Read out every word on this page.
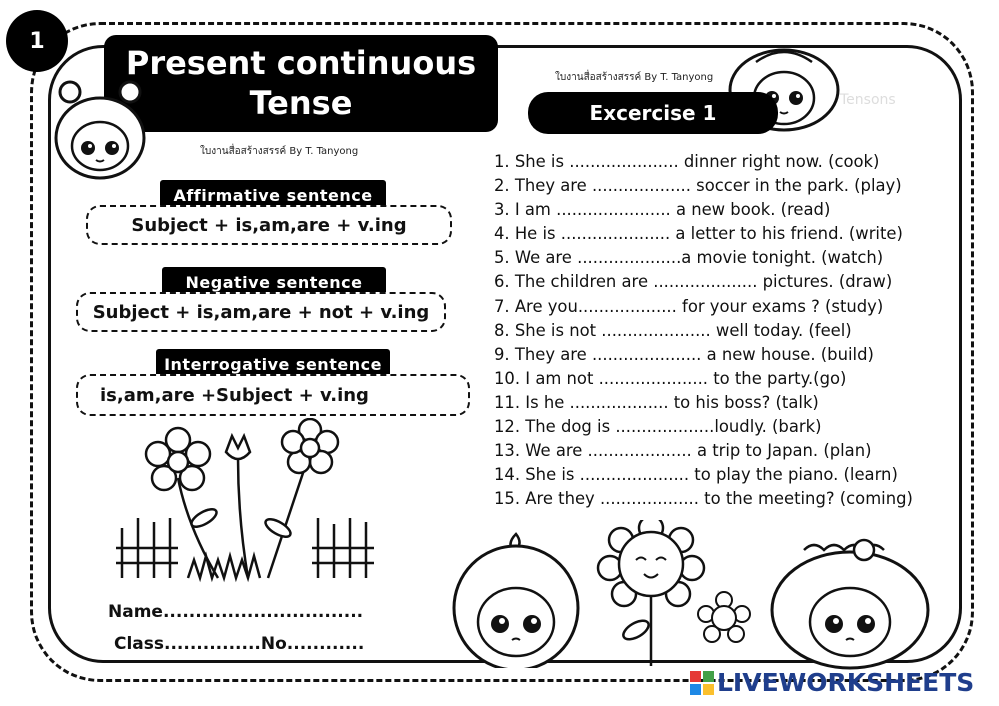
1
Present continuous
Tense
ใบงานสื่อสร้างสรรค์ By T. Tanyong
ใบงานสื่อสร้างสรรค์ By T. Tanyong
Excercise 1
Tensons
Affirmative sentence
Subject + is,am,are + v.ing
Negative sentence
Subject + is,am,are + not + v.ing
Interrogative sentence
is,am,are +Subject + v.ing
1. She is ..................... dinner right now. (cook)
2. They are ................... soccer in the park. (play)
3. I am ...................... a new book. (read)
4. He is ..................... a letter to his friend. (write)
5. We are ....................a movie tonight. (watch)
6. The children are .................... pictures. (draw)
7. Are you................... for your exams ? (study)
8. She is not ..................... well today. (feel)
9. They are ..................... a new house. (build)
10. I am not ..................... to the party.(go)
11. Is he ................... to his boss? (talk)
12. The dog is ...................loudly. (bark)
13. We are .................... a trip to Japan. (plan)
14. She is ..................... to play the piano. (learn)
15. Are they ................... to the meeting? (coming)
Name...............................
Class...............No............
LIVEWORKSHEETS
